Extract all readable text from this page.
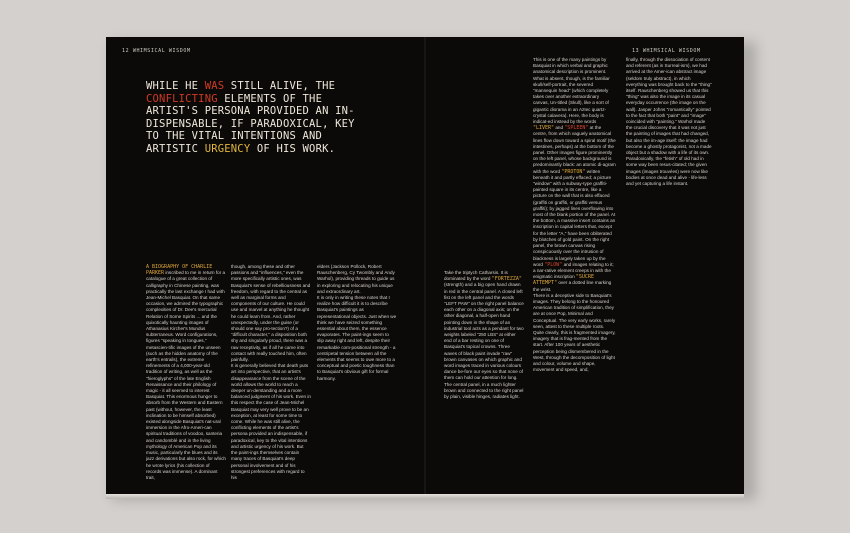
12 WHIMSICAL WISDOM	13 WHIMSICAL WISDOM
WHILE HE WAS STILL ALIVE, THE
CONFLICTING ELEMENTS OF THE
ARTIST'S PERSONA PROVIDED AN IN-
DISPENSABLE, IF PARADOXICAL, KEY
TO THE VITAL INTENTIONS AND
ARTISTIC URGENCY OF HIS WORK.
A BIOGRAPHY OF CHARLIE PARKER inscribed to me in return for a catalogue of a great collection of calligraphy in Chinese painting, was practically the last exchange I had with Jean-Michel Basquiat. On that same occasion, we admired the typographic complexities of Dr. Dee's mercurial Relation of Some Spirits ... and the quixotically haunting images of Athanasius Kircher's Mundus subterraneus. Word configurations, figures "speaking in tongues," metascien-tific images of the unseen (such as the hidden anatomy of the earth's entrails), the extreme refinements of a 4,000-year-old tradition of writing, as well as the "hieroglyphs" of the late English Renaissance and their philology of magic - it all seemed to interest Basquiat. This enormous hunger to absorb from the Western and Eastern past (without, however, the least inclination to be himself absorbed) existed alongside Basquiat's nat-ural immersion in the Afro-Ameri-can spiritual traditions of voodoo, santeria and candomblé and in the living mythology of American Pop and its music, particularly the blues and its jazz derivations but also rock, for which he wrote lyrics (his collection of records was immense). A dominant trait,
though, among these and other passions and "influences," even the more specifically artistic ones, was Basquiat's sense of rebelliousness and freedom, with regard to the central as well as marginal forms and components of our culture. He could use and marvel at anything he thought he could learn from. And, rather unexpectedly, under the guise (or should one say pro-tection?) of a "difficult character," a disposition both shy and singularly proud, there was a raw receptivity, as if all he came into contact with really touched him, often painfully.
It is generally believed that death puts art into perspective, that an artist's disappearance from the scene of the world allows the world to reach a deeper un-derstanding and a more balanced judgment of his work. Even in this respect the case of Jean-Michel Basquiat may very well prove to be an exception, at least for some time to come. While he was still alive, the conflicting elements of the artist's persona provided an indispensable, if paradoxical, key to the vital intentions and artistic urgency of his work. But the paint-ings themselves contain many traces of Basquiat's deep personal involvement and of his strongest preferences with regard to his
elders (Jackson Pollock, Robert Rauschenberg, Cy Twombly and Andy Warhol), providing threads to guide us in exploring and relocating his unique and extraordinary art.
It is only in writing these notes that I realize how difficult it is to describe Basquiat's paintings as representational objects. Just when we think we have seized something essential about them, the essence evaporates. The paint-ings seem to slip away right and left, despite their remarkable com-positional strength - a centripetal tension between all the elements that seems to owe more to a conceptual and poetic toughness than to Basquiat's obvious gift for formal harmony.
Take the triptych Catharsis. It is dominated by the word "FORTEZZA" (strength) and a big open hand drawn in red in the central panel. A closed left fist on the left panel and the words "LEFT PAW" on the right panel balance each other on a diagonal axis; on the other diagonal, a half-open hand pointing down in the shape of an industrial tool acts as a pendant for two weights labeled "250 LBS" at either end of a bar resting on one of Basquiat's topical crowns. Three waves of black paint invade "raw" brown canvases on which graphic and word images traced in various colours dance be-fore our eyes so that none of them can hold our attention for long. The central panel, in a much lighter brown and connected to the right panel by plain, visible hinges, radiates light.
This is one of the many paintings by Basquiat in which verbal and graphic anatomical description is prominent. What is absent, though, is the familiar skull/self-portrait, the severed "mannequin head" (which completely takes over another extraordinary canvas, Un-titled (Skull), like a sort of gigantic diorama in an Aztec quartz-crystal calavera). Here, the body is indicat-ed instead by the words "LIVER" and "SPLEEN" at the centre, from which vaguely anatomical lines flow down toward a spiral motif (the intestines, perhaps) at the bottom of the panel. Other images figure prominently on the left panel, whose background is predominantly black: an atomic di-agram with the word "PROTON" written beneath it and partly effaced; a picture "window" with a subway-type graffiti-painted square in its centre, like a picture on the wall that is also effaced (graffiti on graffiti, or graffiti versus graffiti); by jagged lines overflowing into most of the blank portion of the panel. At the bottom, a massive insert contains an inscription in capital letters that, except for the letter "A," have been obliterated by blotches of gold paint. On the right panel, the brown canvas rising conspicuously over the intrusion of blackness is largely taken up by the word "PLOW" and images relating to it; a nar-rative element creeps in with the enigmatic inscription "SUCRE ATTEMPT" over a dotted line marking the wrist.
There is a deceptive side to Basquiat's images. They belong to the honoured American tradition of simplification, they are at once Pop, Minimal and Conceptual. The very early works, rarely seen, attest to these multiple roots.
Quite clearly, this is fragmented imagery, imagery that is frag-mented from the start. After 100 years of aesthetic perception being dismembered in the West, through the decomposition of light and colour, volume and shape, movement and speed, and,
finally, through the dissociation of content and referent (as in Surreal-ism), we had arrived at the Amer-ican abstract image (seldom truly abstract), in which everything was brought back to the "thing" itself. Rauschenberg showed us that this "thing" was also the image in its casual everyday occurrence (the image on the wall). Jasper Johns "romantically" pointed to the fact that both "paint" and "image" coincided with "painting." Warhol made the crucial discovery that it was not just the painting of images that had changed, but also the im-age itself: the image had become a ghostly protagonist, not a made object but a shadow with a life of its own. Paradoxically, the "fetish" of old had in some way been resus-citated; the given images (images trouvées) were now like bodies at once dead and alive - life-less and yet capturing a life instant.
